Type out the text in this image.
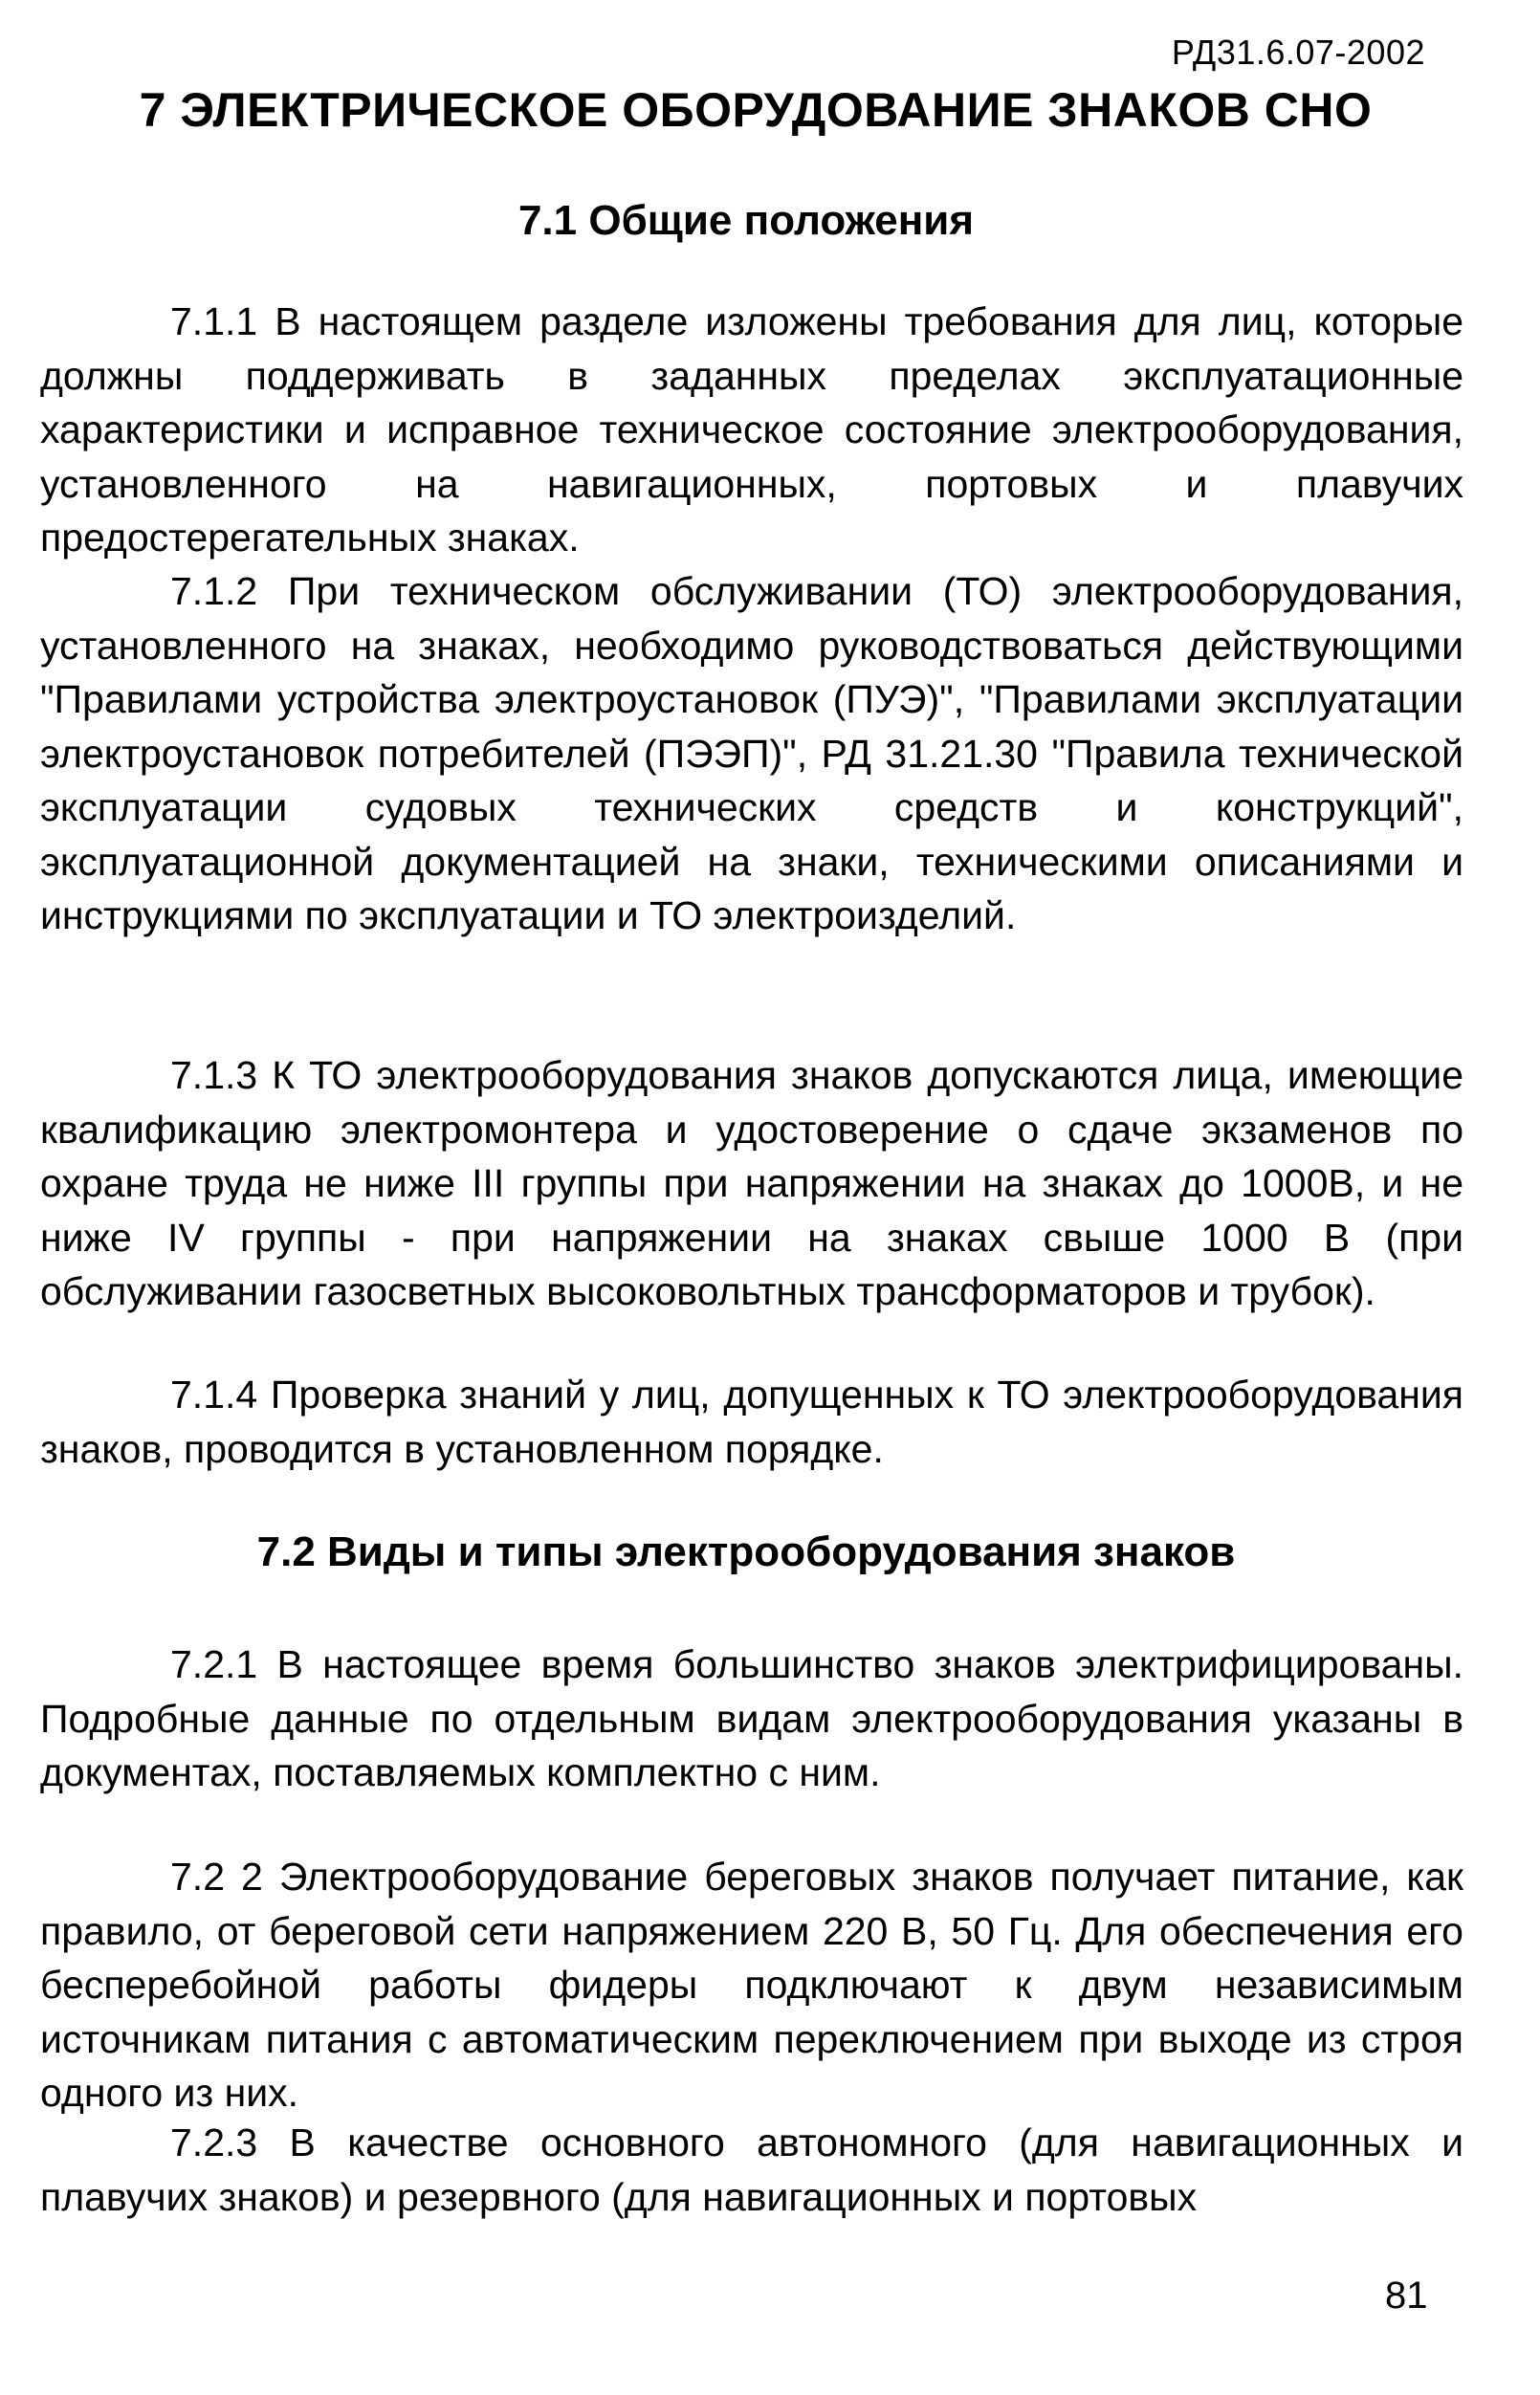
РД31.6.07-2002
7 ЭЛЕКТРИЧЕСКОЕ ОБОРУДОВАНИЕ ЗНАКОВ СНО
7.1 Общие положения

7.1.1 В настоящем разделе изложены требования для лиц, которые должны поддерживать в заданных пределах эксплуатационные характеристики и исправное техническое состояние электрооборудования, установленного на навигационных, портовых и плавучих предостерегательных знаках.

7.1.2 При техническом обслуживании (ТО) электрооборудования, установленного на знаках, необходимо руководствоваться действующими "Правилами устройства электроустановок (ПУЭ)", "Правилами эксплуатации электроустановок потребителей (ПЭЭП)", РД 31.21.30 "Правила технической эксплуатации судовых технических средств и конструкций", эксплуатационной документацией на знаки, техническими описаниями и инструкциями по эксплуатации и ТО электроизделий.

7.1.3 К ТО электрооборудования знаков допускаются лица, имеющие квалификацию электромонтера и удостоверение о сдаче экзаменов по охране труда не ниже III группы при напряжении на знаках до 1000В, и не ниже IV группы - при напряжении на знаках свыше 1000 В (при обслуживании газосветных высоковольтных трансформаторов и трубок).

7.1.4 Проверка знаний у лиц, допущенных к ТО электрооборудования знаков, проводится в установленном порядке.

7.2 Виды и типы электрооборудования знаков

7.2.1 В настоящее время большинство знаков электрифицированы. Подробные данные по отдельным видам электрооборудования указаны в документах, поставляемых комплектно с ним.

7.2 2 Электрооборудование береговых знаков получает питание, как правило, от береговой сети напряжением 220 В, 50 Гц. Для обеспечения его бесперебойной работы фидеры подключают к двум независимым источникам питания с автоматическим переключением при выходе из строя одного из них.

7.2.3 В качестве основного автономного (для навигационных и плавучих знаков) и резервного (для навигационных и портовых

81
